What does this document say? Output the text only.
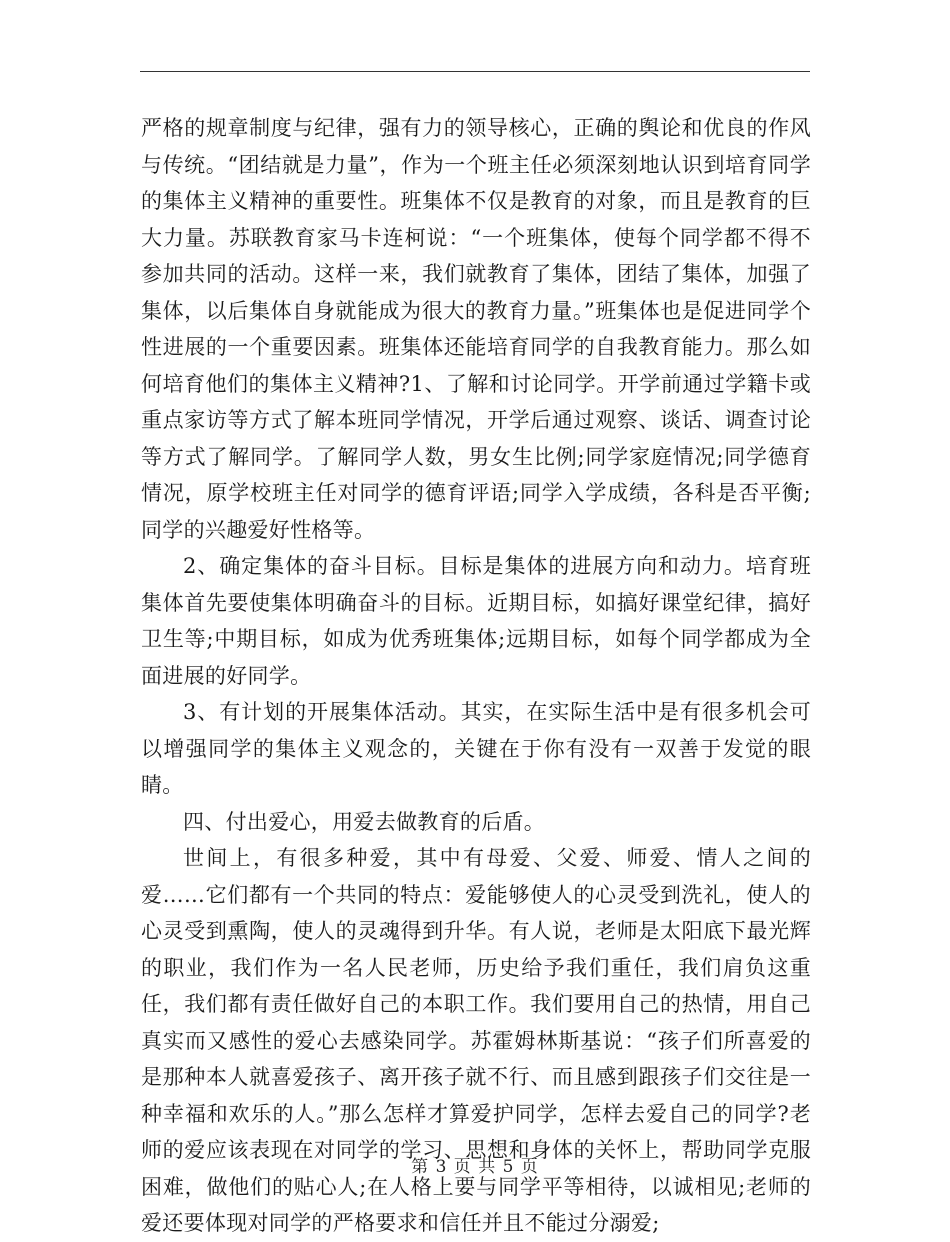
严格的规章制度与纪律，强有力的领导核心，正确的舆论和优良的作风与传统。“团结就是力量”，作为一个班主任必须深刻地认识到培育同学的集体主义精神的重要性。班集体不仅是教育的对象，而且是教育的巨大力量。苏联教育家马卡连柯说：“一个班集体，使每个同学都不得不参加共同的活动。这样一来，我们就教育了集体，团结了集体，加强了集体，以后集体自身就能成为很大的教育力量。”班集体也是促进同学个性进展的一个重要因素。班集体还能培育同学的自我教育能力。那么如何培育他们的集体主义精神?1、了解和讨论同学。开学前通过学籍卡或重点家访等方式了解本班同学情况，开学后通过观察、谈话、调查讨论等方式了解同学。了解同学人数，男女生比例;同学家庭情况;同学德育情况，原学校班主任对同学的德育评语;同学入学成绩，各科是否平衡;同学的兴趣爱好性格等。

2、确定集体的奋斗目标。目标是集体的进展方向和动力。培育班集体首先要使集体明确奋斗的目标。近期目标，如搞好课堂纪律，搞好卫生等;中期目标，如成为优秀班集体;远期目标，如每个同学都成为全面进展的好同学。

3、有计划的开展集体活动。其实，在实际生活中是有很多机会可以增强同学的集体主义观念的，关键在于你有没有一双善于发觉的眼睛。

四、付出爱心，用爱去做教育的后盾。

世间上，有很多种爱，其中有母爱、父爱、师爱、情人之间的爱……它们都有一个共同的特点：爱能够使人的心灵受到洗礼，使人的心灵受到熏陶，使人的灵魂得到升华。有人说，老师是太阳底下最光辉的职业，我们作为一名人民老师，历史给予我们重任，我们肩负这重任，我们都有责任做好自己的本职工作。我们要用自己的热情，用自己真实而又感性的爱心去感染同学。苏霍姆林斯基说：“孩子们所喜爱的是那种本人就喜爱孩子、离开孩子就不行、而且感到跟孩子们交往是一种幸福和欢乐的人。”那么怎样才算爱护同学，怎样去爱自己的同学?老师的爱应该表现在对同学的学习、思想和身体的关怀上，帮助同学克服困难，做他们的贴心人;在人格上要与同学平等相待，以诚相见;老师的爱还要体现对同学的严格要求和信任并且不能过分溺爱;

第 3 页 共 5 页
